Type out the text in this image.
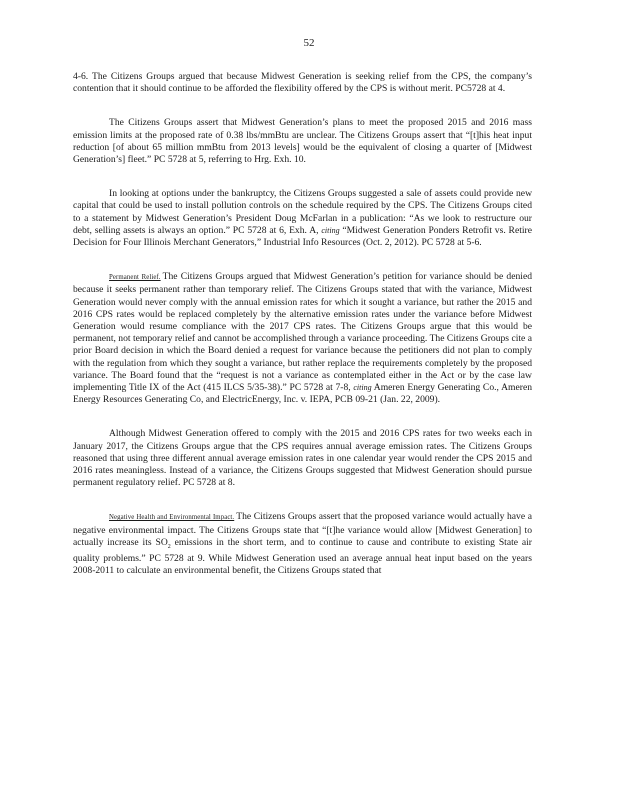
52

4-6. The Citizens Groups argued that because Midwest Generation is seeking relief from the CPS, the company’s contention that it should continue to be afforded the flexibility offered by the CPS is without merit. PC5728 at 4.

The Citizens Groups assert that Midwest Generation’s plans to meet the proposed 2015 and 2016 mass emission limits at the proposed rate of 0.38 lbs/mmBtu are unclear. The Citizens Groups assert that “[t]his heat input reduction [of about 65 million mmBtu from 2013 levels] would be the equivalent of closing a quarter of [Midwest Generation’s] fleet.” PC 5728 at 5, referring to Hrg. Exh. 10.

In looking at options under the bankruptcy, the Citizens Groups suggested a sale of assets could provide new capital that could be used to install pollution controls on the schedule required by the CPS. The Citizens Groups cited to a statement by Midwest Generation’s President Doug McFarlan in a publication: “As we look to restructure our debt, selling assets is always an option.” PC 5728 at 6, Exh. A, citing “Midwest Generation Ponders Retrofit vs. Retire Decision for Four Illinois Merchant Generators,” Industrial Info Resources (Oct. 2, 2012). PC 5728 at 5-6.

Permanent Relief. The Citizens Groups argued that Midwest Generation’s petition for variance should be denied because it seeks permanent rather than temporary relief. The Citizens Groups stated that with the variance, Midwest Generation would never comply with the annual emission rates for which it sought a variance, but rather the 2015 and 2016 CPS rates would be replaced completely by the alternative emission rates under the variance before Midwest Generation would resume compliance with the 2017 CPS rates. The Citizens Groups argue that this would be permanent, not temporary relief and cannot be accomplished through a variance proceeding. The Citizens Groups cite a prior Board decision in which the Board denied a request for variance because the petitioners did not plan to comply with the regulation from which they sought a variance, but rather replace the requirements completely by the proposed variance. The Board found that the “request is not a variance as contemplated either in the Act or by the case law implementing Title IX of the Act (415 ILCS 5/35-38).” PC 5728 at 7-8, citing Ameren Energy Generating Co., Ameren Energy Resources Generating Co, and ElectricEnergy, Inc. v. IEPA, PCB 09-21 (Jan. 22, 2009).

Although Midwest Generation offered to comply with the 2015 and 2016 CPS rates for two weeks each in January 2017, the Citizens Groups argue that the CPS requires annual average emission rates. The Citizens Groups reasoned that using three different annual average emission rates in one calendar year would render the CPS 2015 and 2016 rates meaningless. Instead of a variance, the Citizens Groups suggested that Midwest Generation should pursue permanent regulatory relief. PC 5728 at 8.

Negative Health and Environmental Impact. The Citizens Groups assert that the proposed variance would actually have a negative environmental impact. The Citizens Groups state that “[t]he variance would allow [Midwest Generation] to actually increase its $SO_2$ emissions in the short term, and to continue to cause and contribute to existing State air quality problems.” PC 5728 at 9. While Midwest Generation used an average annual heat input based on the years 2008-2011 to calculate an environmental benefit, the Citizens Groups stated that
